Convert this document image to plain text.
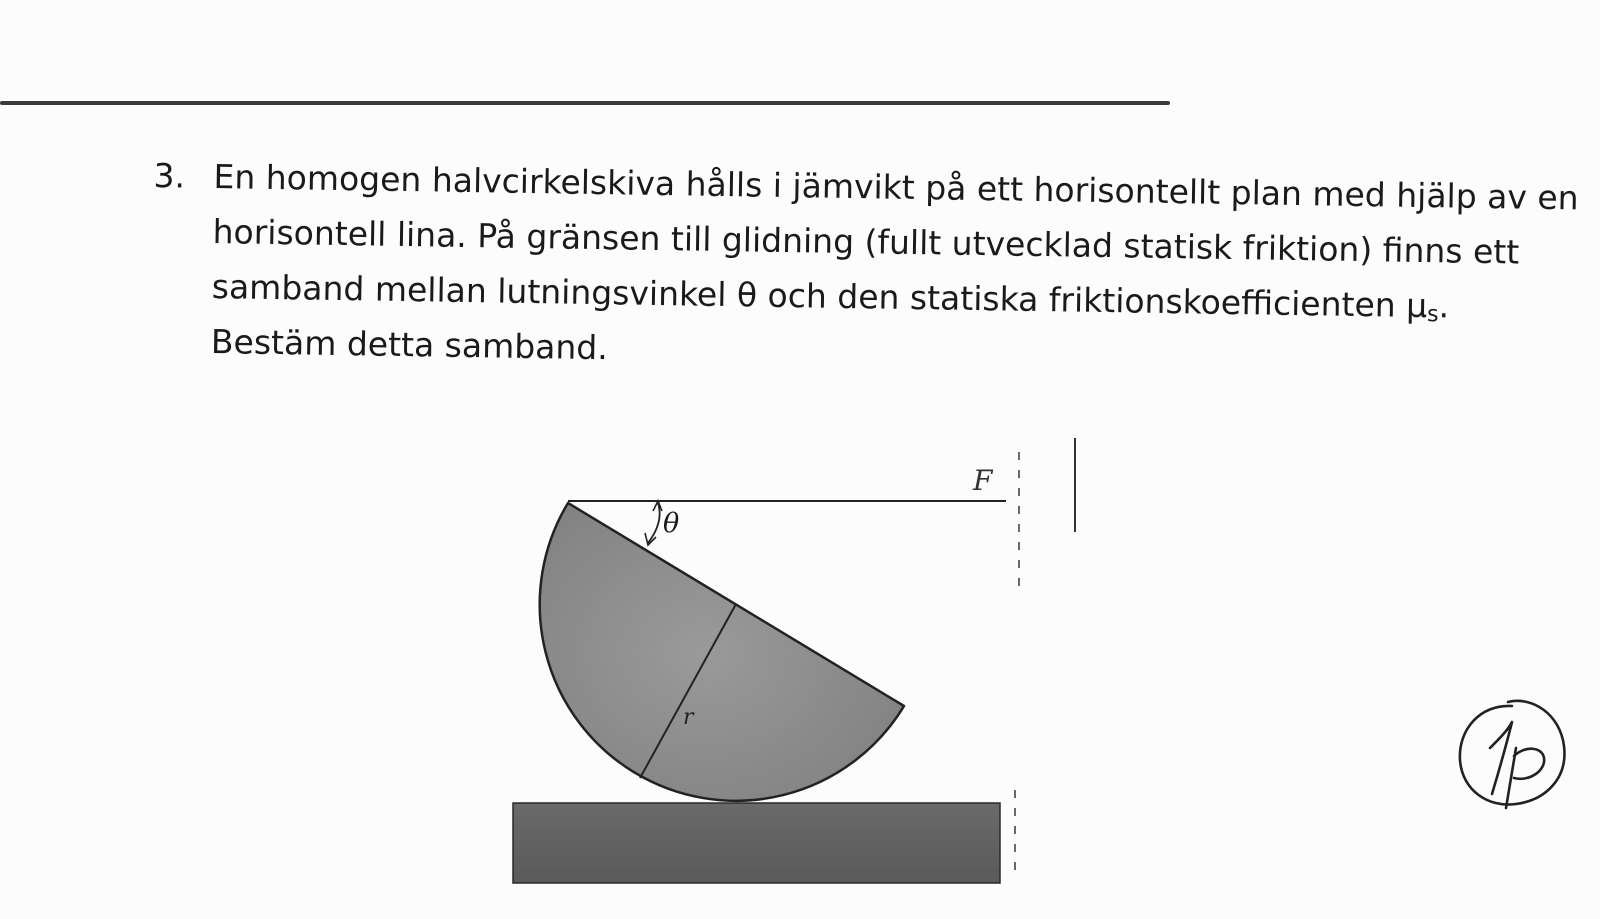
3. En homogen halvcirkelskiva hålls i jämvikt på ett horisontellt plan med hjälp av en
horisontell lina. På gränsen till glidning (fullt utvecklad statisk friktion) finns ett
samband mellan lutningsvinkel θ och den statiska friktionskoefficienten μs.
Bestäm detta samband.
θ
F
r
